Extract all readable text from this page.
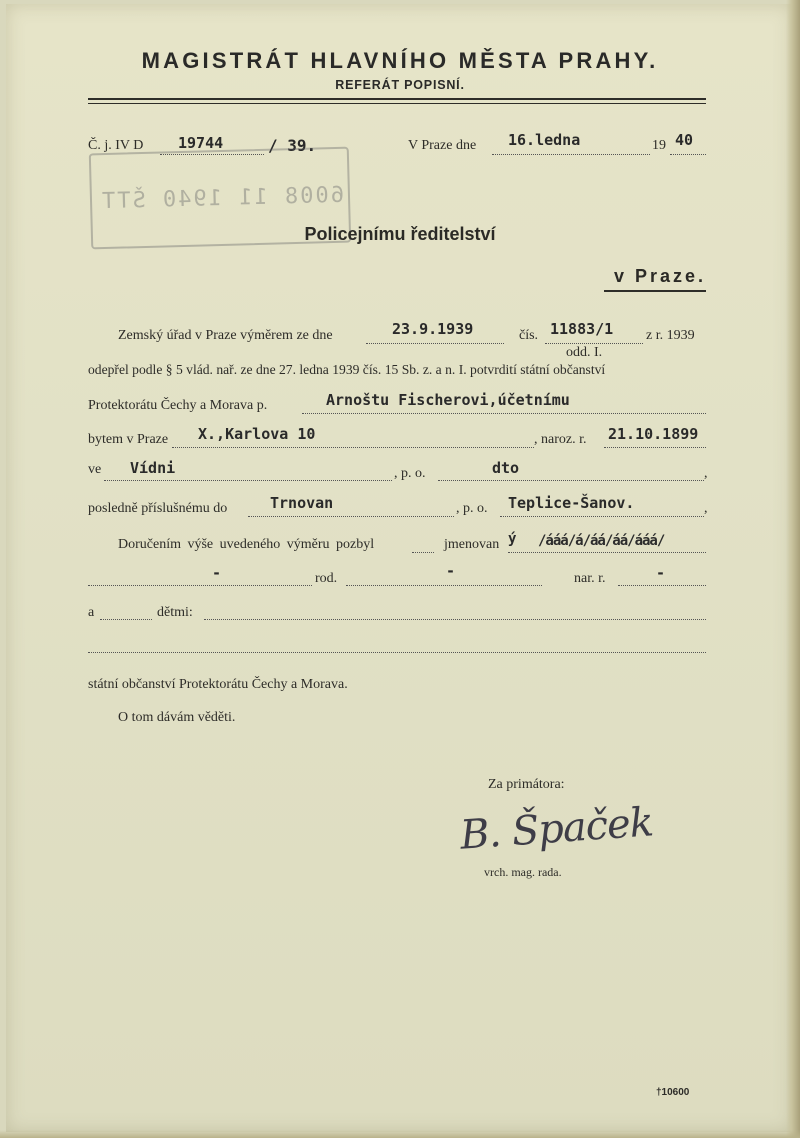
MAGISTRÁT HLAVNÍHO MĚSTA PRAHY.
REFERÁT POPISNÍ.
Č. j. IV D 19744	/ 39.	V Praze dne 16.ledna	19 40
6008 11 1940 ŠTT
Policejnímu ředitelství
v Praze.
Zemský úřad v Praze výměrem ze dne	23.9.1939	čís. 11883/1 z r. 1939
odd. I.
odepřel podle § 5 vlád. nař. ze dne 27. ledna 1939 čís. 15 Sb. z. a n. I. potvrdití státní občanství
Protektorátu Čechy a Morava p.	Arnoštu Fischerovi,účetnímu
bytem v Praze X.,Karlova 10	, naroz. r. 21.10.1899
ve Vídni	, p. o.	dto	,
posledně příslušnému do	Trnovan	, p. o. Teplice-Šanov.	,
Doručením výše uvedeného výměru pozbyl	jmenovan ý /ááá/á/áá/áá/ááá/
-	rod.	-	nar. r.	-
a	dětmi:
státní občanství Protektorátu Čechy a Morava.
O tom dávám věděti.
Za primátora:
B. Špaček
vrch. mag. rada.
†10600
